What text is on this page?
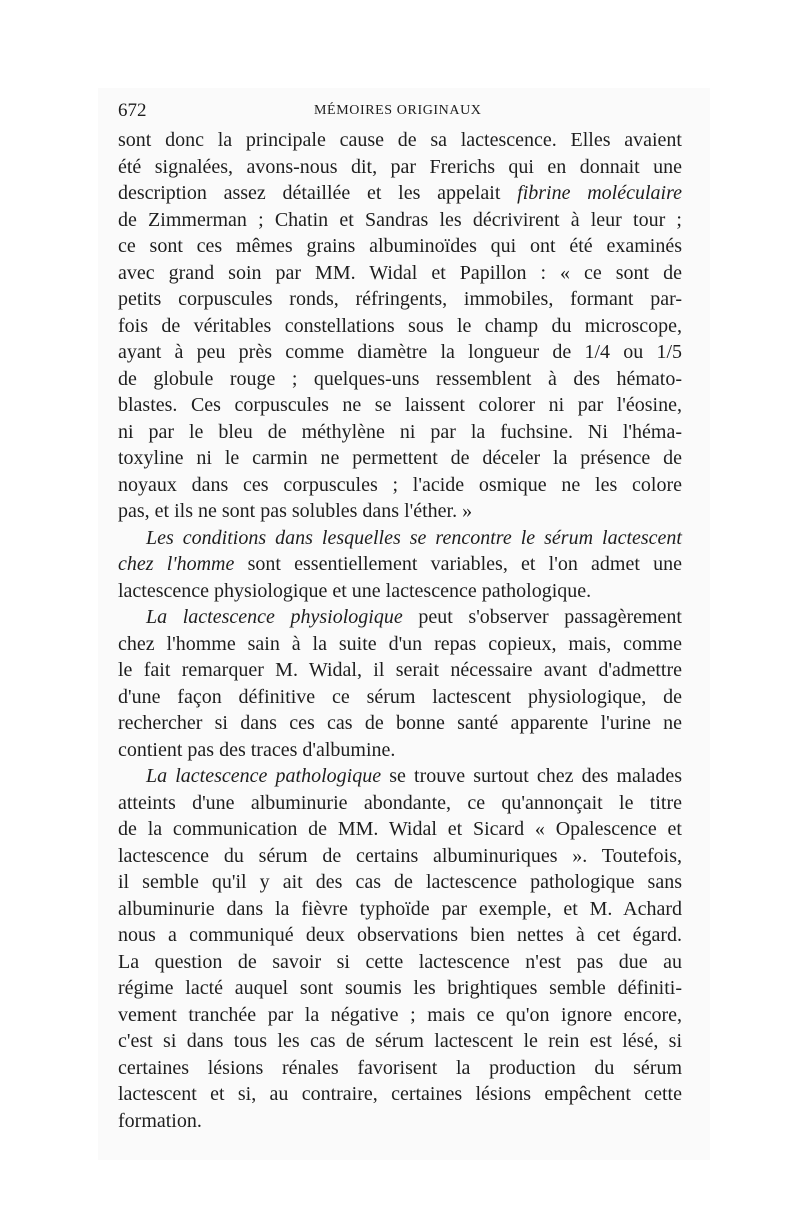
672	MÉMOIRES ORIGINAUX
sont donc la principale cause de sa lactescence. Elles avaient
été signalées, avons-nous dit, par Frerichs qui en donnait une
description assez détaillée et les appelait fibrine moléculaire
de Zimmerman ; Chatin et Sandras les décrivirent à leur tour ;
ce sont ces mêmes grains albuminoïdes qui ont été examinés
avec grand soin par MM. Widal et Papillon : « ce sont de
petits corpuscules ronds, réfringents, immobiles, formant par-
fois de véritables constellations sous le champ du microscope,
ayant à peu près comme diamètre la longueur de 1/4 ou 1/5
de globule rouge ; quelques-uns ressemblent à des hémato-
blastes. Ces corpuscules ne se laissent colorer ni par l'éosine,
ni par le bleu de méthylène ni par la fuchsine. Ni l'héma-
toxyline ni le carmin ne permettent de déceler la présence de
noyaux dans ces corpuscules ; l'acide osmique ne les colore
pas, et ils ne sont pas solubles dans l'éther. »
Les conditions dans lesquelles se rencontre le sérum lactescent
chez l'homme sont essentiellement variables, et l'on admet une
lactescence physiologique et une lactescence pathologique.
La lactescence physiologique peut s'observer passagèrement
chez l'homme sain à la suite d'un repas copieux, mais, comme
le fait remarquer M. Widal, il serait nécessaire avant d'admettre
d'une façon définitive ce sérum lactescent physiologique, de
rechercher si dans ces cas de bonne santé apparente l'urine ne
contient pas des traces d'albumine.
La lactescence pathologique se trouve surtout chez des malades
atteints d'une albuminurie abondante, ce qu'annonçait le titre
de la communication de MM. Widal et Sicard « Opalescence et
lactescence du sérum de certains albuminuriques ». Toutefois,
il semble qu'il y ait des cas de lactescence pathologique sans
albuminurie dans la fièvre typhoïde par exemple, et M. Achard
nous a communiqué deux observations bien nettes à cet égard.
La question de savoir si cette lactescence n'est pas due au
régime lacté auquel sont soumis les brightiques semble définiti-
vement tranchée par la négative ; mais ce qu'on ignore encore,
c'est si dans tous les cas de sérum lactescent le rein est lésé, si
certaines lésions rénales favorisent la production du sérum
lactescent et si, au contraire, certaines lésions empêchent cette
formation.
